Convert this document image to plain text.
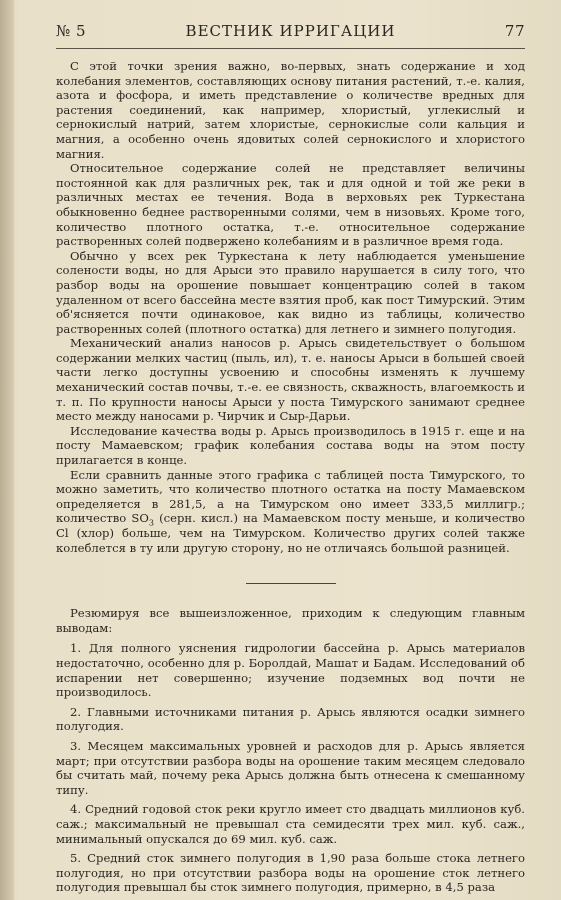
№ 5	ВЕСТНИК ИРРИГАЦИИ	77

С этой точки зрения важно, во-первых, знать содержание и ход колебания элементов, составляющих основу питания растений, т.-е. калия, азота и фосфора, и иметь представление о количестве вредных для растения соединений, как например, хлористый, углекислый и сернокислый натрий, затем хлористые, сернокислые соли кальция и магния, а особенно очень ядовитых солей сернокислого и хлористого магния.

Относительное содержание солей не представляет величины постоянной как для различных рек, так и для одной и той же реки в различных местах ее течения. Вода в верховьях рек Туркестана обыкновенно беднее растворенными солями, чем в низовьях. Кроме того, количество плотного остатка, т.-е. относительное содержание растворенных солей подвержено колебаниям и в различное время года.

Обычно у всех рек Туркестана к лету наблюдается уменьшение солености воды, но для Арыси это правило нарушается в силу того, что разбор воды на орошение повышает концентрацию солей в таком удаленном от всего бассейна месте взятия проб, как пост Тимурский. Этим об'ясняется почти одинаковое, как видно из таблицы, количество растворенных солей (плотного остатка) для летнего и зимнего полугодия.

Механический анализ наносов р. Арысь свидетельствует о большом содержании мелких частиц (пыль, ил), т. е. наносы Арыси в большей своей части легко доступны усвоению и способны изменять к лучшему механический состав почвы, т.-е. ее связность, скважность, влагоемкость и т. п. По крупности наносы Арыси у поста Тимурского занимают среднее место между наносами р. Чирчик и Сыр-Дарьи.

Исследование качества воды р. Арысь производилось в 1915 г. еще и на посту Мамаевском; график колебания состава воды на этом посту прилагается в конце.

Если сравнить данные этого графика с таблицей поста Тимурского, то можно заметить, что количество плотного остатка на посту Мамаевском определяется в 281,5, а на Тимурском оно имеет 333,5 миллигр.; количество $SO_3$ (серн. кисл.) на Мамаевском посту меньше, и количество Cl (хлор) больше, чем на Тимурском. Количество других солей также колеблется в ту или другую сторону, но не отличаясь большой разницей.

Резюмируя все вышеизложенное, приходим к следующим главным выводам:

1. Для полного уяснения гидрологии бассейна р. Арысь материалов недостаточно, особенно для р. Боролдай, Машат и Бадам. Исследований об испарении нет совершенно; изучение подземных вод почти не производилось.

2. Главными источниками питания р. Арысь являются осадки зимнего полугодия.

3. Месяцем максимальных уровней и расходов для р. Арысь является март; при отсутствии разбора воды на орошение таким месяцем следовало бы считать май, почему река Арысь должна быть отнесена к смешанному типу.

4. Средний годовой сток реки кругло имеет сто двадцать миллионов куб. саж.; максимальный не превышал ста семидесяти трех мил. куб. саж., минимальный опускался до 69 мил. куб. саж.

5. Средний сток зимнего полугодия в 1,90 раза больше стока летнего полугодия, но при отсутствии разбора воды на орошение сток летнего полугодия превышал бы сток зимнего полугодия, примерно, в 4,5 раза
